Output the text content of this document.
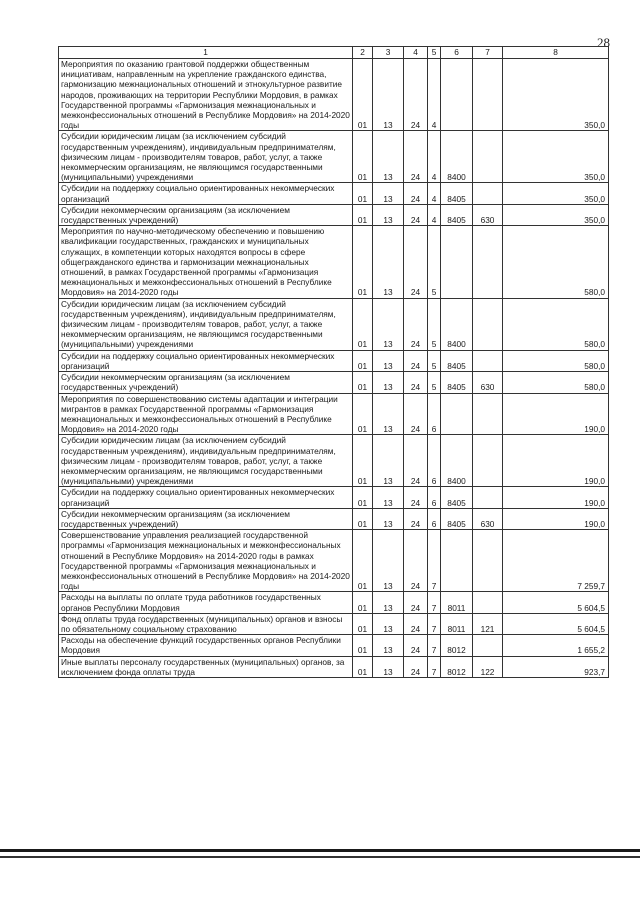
28
1	2	3	4	5	6	7	8
Мероприятия по оказанию грантовой поддержки общественным инициативам, направленным на укрепление гражданского единства, гармонизацию межнациональных отношений и этнокультурное развитие народов, проживающих на территории Республики Мордовия, в рамках Государственной программы «Гармонизация межнациональных и межконфессиональных отношений в Республике Мордовия» на 2014-2020 годы	01	13	24	4			350,0
Субсидии юридическим лицам (за исключением субсидий государственным учреждениям), индивидуальным предпринимателям, физическим лицам - производителям товаров, работ, услуг, а также некоммерческим организациям, не являющимся государственными (муниципальными) учреждениями	01	13	24	4	8400		350,0
Субсидии на поддержку социально ориентированных некоммерческих организаций	01	13	24	4	8405		350,0
Субсидии некоммерческим организациям (за исключением государственных учреждений)	01	13	24	4	8405	630	350,0
Мероприятия по научно-методическому обеспечению и повышению квалификации государственных, гражданских и муниципальных служащих, в компетенции которых находятся вопросы в сфере общегражданского единства и гармонизации межнациональных отношений, в рамках Государственной программы «Гармонизация межнациональных и межконфессиональных отношений в Республике Мордовия» на 2014-2020 годы	01	13	24	5			580,0
Субсидии юридическим лицам (за исключением субсидий государственным учреждениям), индивидуальным предпринимателям, физическим лицам - производителям товаров, работ, услуг, а также некоммерческим организациям, не являющимся государственными (муниципальными) учреждениями	01	13	24	5	8400		580,0
Субсидии на поддержку социально ориентированных некоммерческих организаций	01	13	24	5	8405		580,0
Субсидии некоммерческим организациям (за исключением государственных учреждений)	01	13	24	5	8405	630	580,0
Мероприятия по совершенствованию системы адаптации и интеграции мигрантов в рамках Государственной программы «Гармонизация межнациональных и межконфессиональных отношений в Республике Мордовия» на 2014-2020 годы	01	13	24	6			190,0
Субсидии юридическим лицам (за исключением субсидий государственным учреждениям), индивидуальным предпринимателям, физическим лицам - производителям товаров, работ, услуг, а также некоммерческим организациям, не являющимся государственными (муниципальными) учреждениями	01	13	24	6	8400		190,0
Субсидии на поддержку социально ориентированных некоммерческих организаций	01	13	24	6	8405		190,0
Субсидии некоммерческим организациям (за исключением государственных учреждений)	01	13	24	6	8405	630	190,0
Совершенствование управления реализацией государственной программы «Гармонизация межнациональных и межконфессиональных отношений в Республике Мордовия» на 2014-2020 годы в рамках Государственной программы «Гармонизация межнациональных и межконфессиональных отношений в Республике Мордовия» на 2014-2020 годы	01	13	24	7			7 259,7
Расходы на выплаты по оплате труда работников государственных органов Республики Мордовия	01	13	24	7	8011		5 604,5
Фонд оплаты труда государственных (муниципальных) органов и взносы по обязательному социальному страхованию	01	13	24	7	8011	121	5 604,5
Расходы на обеспечение функций государственных органов Республики Мордовия	01	13	24	7	8012		1 655,2
Иные выплаты персоналу государственных (муниципальных) органов, за исключением фонда оплаты труда	01	13	24	7	8012	122	923,7
